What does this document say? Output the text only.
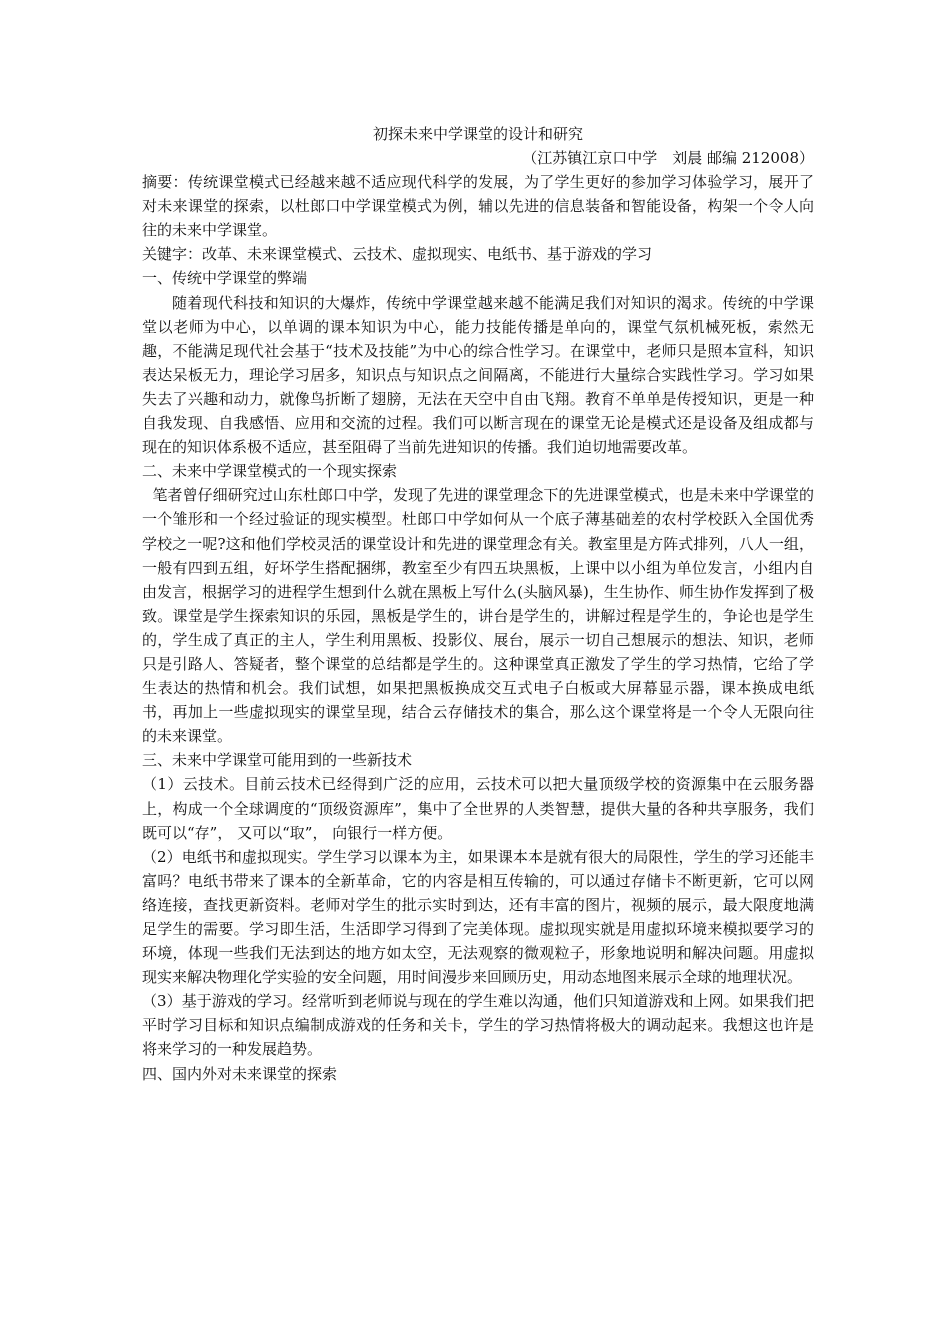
初探未来中学课堂的设计和研究
（江苏镇江京口中学　刘晨 邮编 212008）

摘要：传统课堂模式已经越来越不适应现代科学的发展，为了学生更好的参加学习体验学习，展开了对未来课堂的探索，以杜郎口中学课堂模式为例，辅以先进的信息装备和智能设备，构架一个令人向往的未来中学课堂。

关键字：改革、未来课堂模式、云技术、虚拟现实、电纸书、基于游戏的学习

一、传统中学课堂的弊端

随着现代科技和知识的大爆炸，传统中学课堂越来越不能满足我们对知识的渴求。传统的中学课堂以老师为中心，以单调的课本知识为中心，能力技能传播是单向的，课堂气氛机械死板，索然无趣，不能满足现代社会基于“技术及技能”为中心的综合性学习。在课堂中，老师只是照本宣科，知识表达呆板无力，理论学习居多，知识点与知识点之间隔离，不能进行大量综合实践性学习。学习如果失去了兴趣和动力，就像鸟折断了翅膀，无法在天空中自由飞翔。教育不单单是传授知识，更是一种自我发现、自我感悟、应用和交流的过程。我们可以断言现在的课堂无论是模式还是设备及组成都与现在的知识体系极不适应，甚至阻碍了当前先进知识的传播。我们迫切地需要改革。

二、未来中学课堂模式的一个现实探索

笔者曾仔细研究过山东杜郎口中学，发现了先进的课堂理念下的先进课堂模式，也是未来中学课堂的一个雏形和一个经过验证的现实模型。杜郎口中学如何从一个底子薄基础差的农村学校跃入全国优秀学校之一呢?这和他们学校灵活的课堂设计和先进的课堂理念有关。教室里是方阵式排列，八人一组，一般有四到五组，好坏学生搭配捆绑，教室至少有四五块黑板，上课中以小组为单位发言，小组内自由发言，根据学习的进程学生想到什么就在黑板上写什么(头脑风暴)，生生协作、师生协作发挥到了极致。课堂是学生探索知识的乐园，黑板是学生的，讲台是学生的，讲解过程是学生的，争论也是学生的，学生成了真正的主人，学生利用黑板、投影仪、展台，展示一切自己想展示的想法、知识，老师只是引路人、答疑者，整个课堂的总结都是学生的。这种课堂真正激发了学生的学习热情，它给了学生表达的热情和机会。我们试想，如果把黑板换成交互式电子白板或大屏幕显示器，课本换成电纸书，再加上一些虚拟现实的课堂呈现，结合云存储技术的集合，那么这个课堂将是一个令人无限向往的未来课堂。

三、未来中学课堂可能用到的一些新技术

（1）云技术。目前云技术已经得到广泛的应用，云技术可以把大量顶级学校的资源集中在云服务器上，构成一个全球调度的“顶级资源库”，集中了全世界的人类智慧，提供大量的各种共享服务，我们既可以“存”， 又可以“取”， 向银行一样方便。

（2）电纸书和虚拟现实。学生学习以课本为主，如果课本本是就有很大的局限性，学生的学习还能丰富吗？电纸书带来了课本的全新革命，它的内容是相互传输的，可以通过存储卡不断更新，它可以网络连接，查找更新资料。老师对学生的批示实时到达，还有丰富的图片，视频的展示，最大限度地满足学生的需要。学习即生活，生活即学习得到了完美体现。虚拟现实就是用虚拟环境来模拟要学习的环境，体现一些我们无法到达的地方如太空，无法观察的微观粒子，形象地说明和解决问题。用虚拟现实来解决物理化学实验的安全问题，用时间漫步来回顾历史，用动态地图来展示全球的地理状况。

（3）基于游戏的学习。经常听到老师说与现在的学生难以沟通，他们只知道游戏和上网。如果我们把平时学习目标和知识点编制成游戏的任务和关卡，学生的学习热情将极大的调动起来。我想这也许是将来学习的一种发展趋势。

四、国内外对未来课堂的探索
